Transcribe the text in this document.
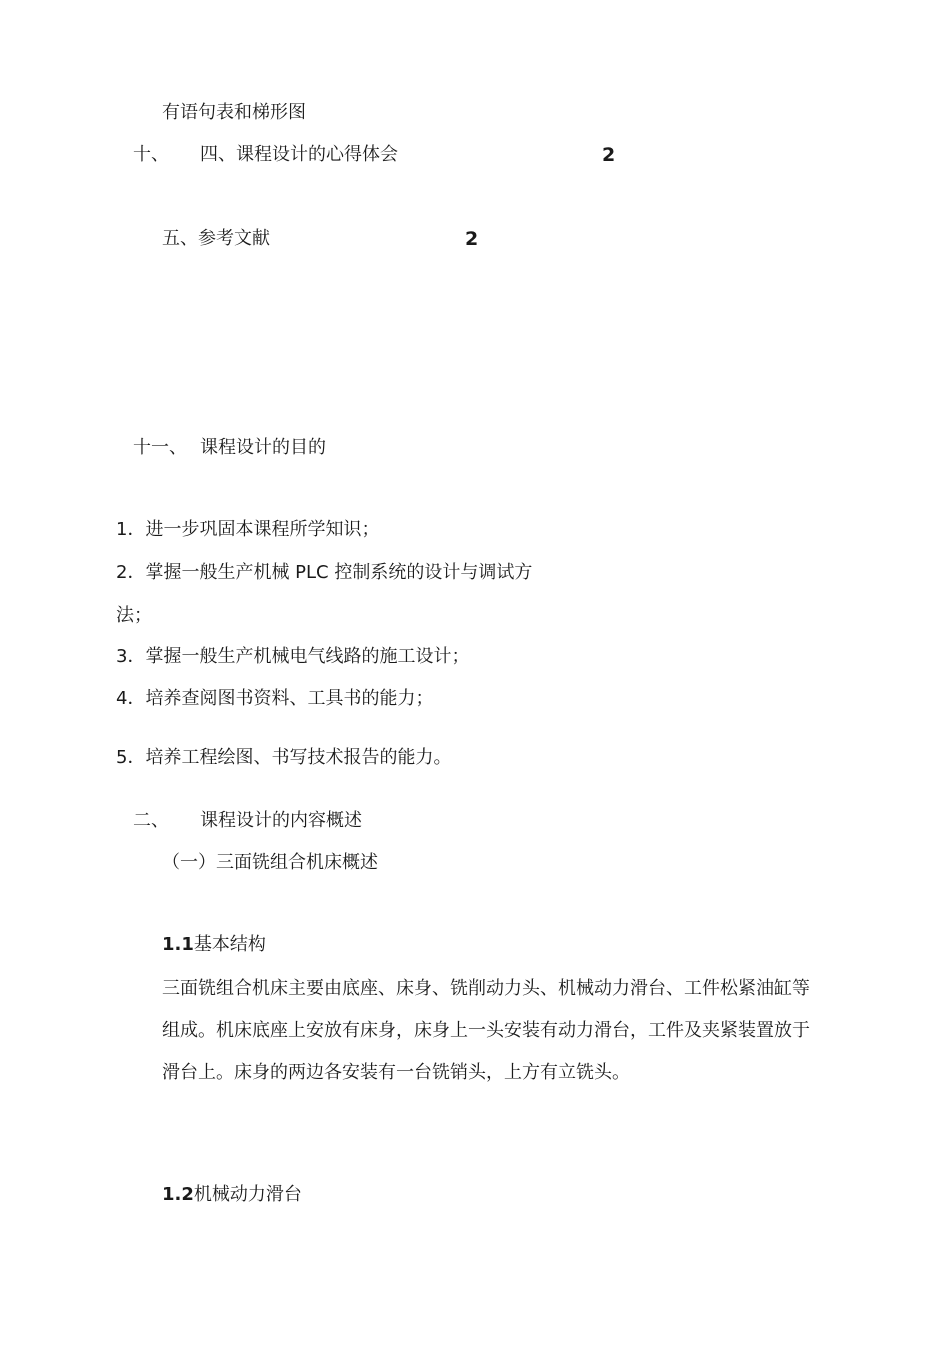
有语句表和梯形图
十、 四、课程设计的心得体会	2
五、参考文献	2
十一、 课程设计的目的
1．进一步巩固本课程所学知识；
2．掌握一般生产机械 PLC 控制系统的设计与调试方
法；
3．掌握一般生产机械电气线路的施工设计；
4．培养查阅图书资料、工具书的能力；
5．培养工程绘图、书写技术报告的能力。
二、 课程设计的内容概述
（一）三面铣组合机床概述
1.1基本结构
三面铣组合机床主要由底座、床身、铣削动力头、机械动力滑台、工件松紧油缸等
组成。机床底座上安放有床身，床身上一头安装有动力滑台，工件及夹紧装置放于
滑台上。床身的两边各安装有一台铣销头，上方有立铣头。
1.2机械动力滑台
